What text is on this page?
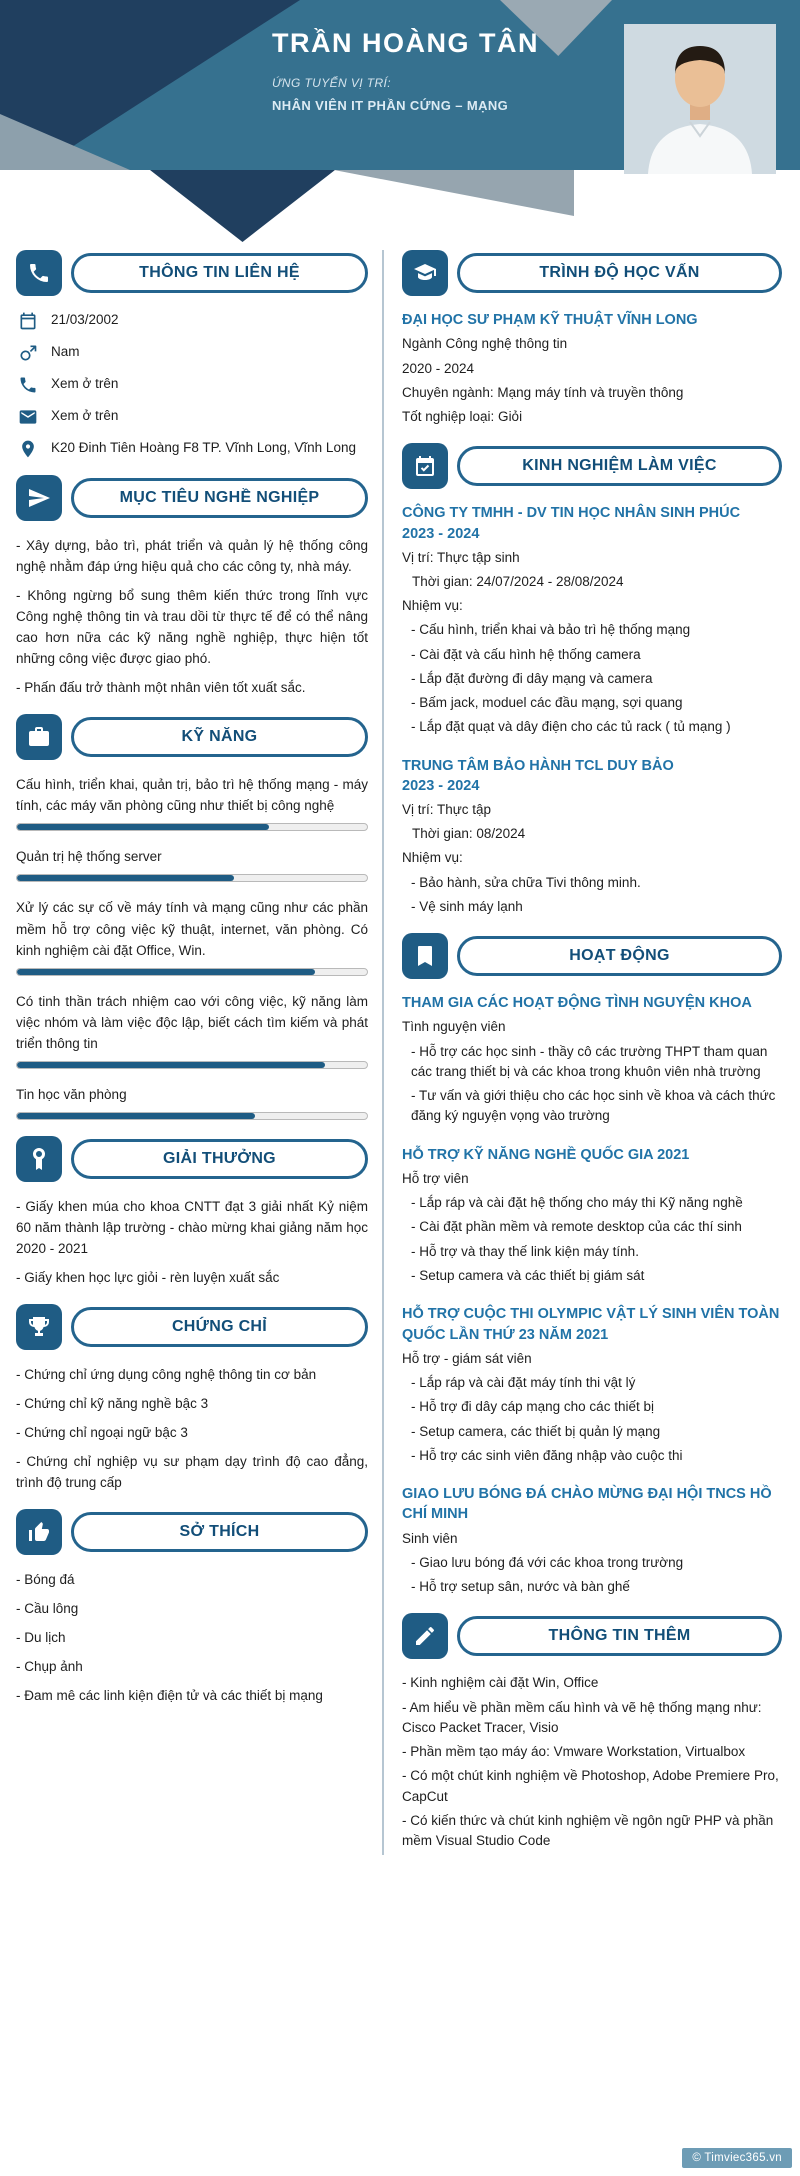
TRẦN HOÀNG TÂN
ỨNG TUYỂN VỊ TRÍ:
NHÂN VIÊN IT PHẦN CỨNG – MẠNG
THÔNG TIN LIÊN HỆ
21/03/2002
Nam
Xem ở trên
Xem ở trên
K20 Đinh Tiên Hoàng F8 TP. Vĩnh Long, Vĩnh Long
MỤC TIÊU NGHỀ NGHIỆP

- Xây dựng, bảo trì, phát triển và quản lý hệ thống công nghệ nhằm đáp ứng hiệu quả cho các công ty, nhà máy.

- Không ngừng bổ sung thêm kiến thức trong lĩnh vực Công nghệ thông tin và trau dồi từ thực tế để có thể nâng cao hơn nữa các kỹ năng nghề nghiệp, thực hiện tốt những công việc được giao phó.

- Phấn đấu trở thành một nhân viên tốt xuất sắc.

KỸ NĂNG

Cấu hình, triển khai, quản trị, bảo trì hệ thống mạng - máy tính, các máy văn phòng cũng như thiết bị công nghệ

Quản trị hệ thống server

Xử lý các sự cố về máy tính và mạng cũng như các phần mềm hỗ trợ công việc kỹ thuật, internet, văn phòng. Có kinh nghiệm cài đặt Office, Win.

Có tinh thần trách nhiệm cao với công việc, kỹ năng làm việc nhóm và làm việc độc lập, biết cách tìm kiếm và phát triển thông tin

Tin học văn phòng

GIẢI THƯỞNG

- Giấy khen múa cho khoa CNTT đạt 3 giải nhất Kỷ niệm 60 năm thành lập trường - chào mừng khai giảng năm học 2020 - 2021

- Giấy khen học lực giỏi - rèn luyện xuất sắc

CHỨNG CHỈ

- Chứng chỉ ứng dụng công nghệ thông tin cơ bản

- Chứng chỉ kỹ năng nghề bậc 3

- Chứng chỉ ngoại ngữ bậc 3

- Chứng chỉ nghiệp vụ sư phạm dạy trình độ cao đẳng, trình độ trung cấp

SỞ THÍCH

- Bóng đá

- Cầu lông

- Du lịch

- Chụp ảnh

- Đam mê các linh kiện điện tử và các thiết bị mạng

TRÌNH ĐỘ HỌC VẤN
ĐẠI HỌC SƯ PHẠM KỸ THUẬT VĨNH LONG
Ngành Công nghệ thông tin
2020 - 2024
Chuyên ngành: Mạng máy tính và truyền thông
Tốt nghiệp loại: Giỏi
KINH NGHIỆM LÀM VIỆC
CÔNG TY TMHH - DV TIN HỌC NHÂN SINH PHÚC
2023 - 2024
Vị trí: Thực tập sinh
Thời gian: 24/07/2024 - 28/08/2024
Nhiệm vụ:
- Cấu hình, triển khai và bảo trì hệ thống mạng
- Cài đặt và cấu hình hệ thống camera
- Lắp đặt đường đi dây mạng và camera
- Bấm jack, moduel các đầu mạng, sợi quang
- Lắp đặt quạt và dây điện cho các tủ rack ( tủ mạng )
TRUNG TÂM BẢO HÀNH TCL DUY BẢO
2023 - 2024
Vị trí: Thực tập
Thời gian: 08/2024
Nhiệm vụ:
- Bảo hành, sửa chữa Tivi thông minh.
- Vệ sinh máy lạnh
HOẠT ĐỘNG
THAM GIA CÁC HOẠT ĐỘNG TÌNH NGUYỆN KHOA
Tình nguyện viên
- Hỗ trợ các học sinh - thầy cô các trường THPT tham quan các trang thiết bị và các khoa trong khuôn viên nhà trường
- Tư vấn và giới thiệu cho các học sinh về khoa và cách thức đăng ký nguyện vọng vào trường
HỖ TRỢ KỸ NĂNG NGHỀ QUỐC GIA 2021
Hỗ trợ viên
- Lắp ráp và cài đặt hệ thống cho máy thi Kỹ năng nghề
- Cài đặt phần mềm và remote desktop của các thí sinh
- Hỗ trợ và thay thế link kiện máy tính.
- Setup camera và các thiết bị giám sát
HỖ TRỢ CUỘC THI OLYMPIC VẬT LÝ SINH VIÊN TOÀN QUỐC LẦN THỨ 23 NĂM 2021
Hỗ trợ - giám sát viên
- Lắp ráp và cài đặt máy tính thi vật lý
- Hỗ trợ đi dây cáp mạng cho các thiết bị
- Setup camera, các thiết bị quản lý mạng
- Hỗ trợ các sinh viên đăng nhập vào cuộc thi
GIAO LƯU BÓNG ĐÁ CHÀO MỪNG ĐẠI HỘI TNCS HỒ CHÍ MINH
Sinh viên
- Giao lưu bóng đá với các khoa trong trường
- Hỗ trợ setup sân, nước và bàn ghế
THÔNG TIN THÊM
- Kinh nghiệm cài đặt Win, Office
- Am hiểu về phần mềm cấu hình và vẽ hệ thống mạng như: Cisco Packet Tracer, Visio
- Phần mềm tạo máy áo: Vmware Workstation, Virtualbox
- Có một chút kinh nghiệm về Photoshop, Adobe Premiere Pro, CapCut
- Có kiến thức và chút kinh nghiệm về ngôn ngữ PHP và phần mềm Visual Studio Code
© Timviec365.vn
